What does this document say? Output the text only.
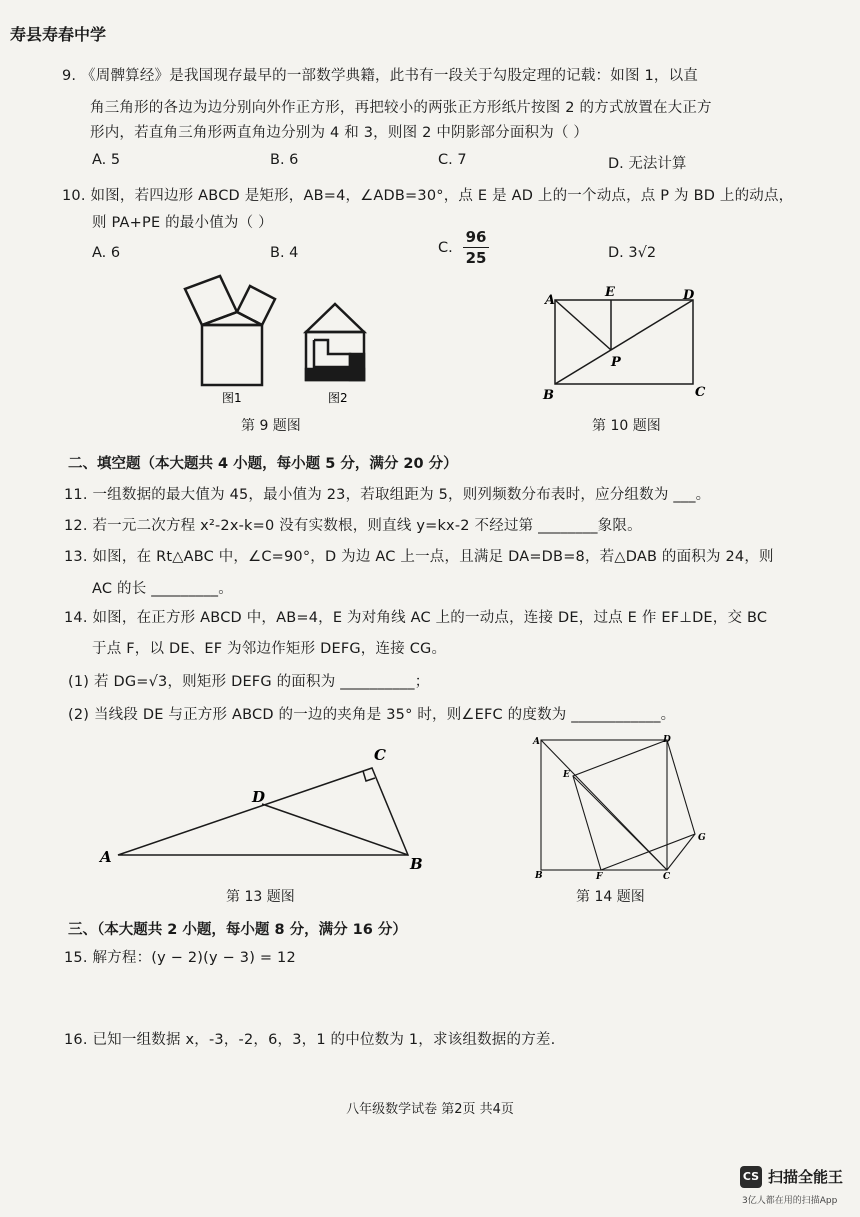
寿县寿春中学
9. 《周髀算经》是我国现存最早的一部数学典籍，此书有一段关于勾股定理的记载：如图 1，以直
角三角形的各边为边分别向外作正方形，再把较小的两张正方形纸片按图 2 的方式放置在大正方
形内，若直角三角形两直角边分别为 4 和 3，则图 2 中阴影部分面积为（ ）
A. 5	B. 6	C. 7	D. 无法计算
10. 如图，若四边形 ABCD 是矩形，AB=4，∠ADB=30°，点 E 是 AD 上的一个动点，点 P 为 BD 上的动点，
则 PA+PE 的最小值为（ ）
A. 6	B. 4	C. $\frac{96}{25}$	D. 3√2
图1	图2
第 9 题图
A
E	D
P
B	C
第 10 题图
二、填空题（本大题共 4 小题，每小题 5 分，满分 20 分）
11. 一组数据的最大值为 45，最小值为 23，若取组距为 5，则列频数分布表时，应分组数为 ___。
12. 若一元二次方程 x²-2x-k=0 没有实数根，则直线 y=kx-2 不经过第 ________象限。
13. 如图，在 Rt△ABC 中，∠C=90°，D 为边 AC 上一点，且满足 DA=DB=8，若△DAB 的面积为 24，则
AC 的长 _________。
14. 如图，在正方形 ABCD 中，AB=4，E 为对角线 AC 上的一动点，连接 DE，过点 E 作 EF⊥DE，交 BC
于点 F，以 DE、EF 为邻边作矩形 DEFG，连接 CG。
(1) 若 DG=√3，则矩形 DEFG 的面积为 __________；
(2) 当线段 DE 与正方形 ABCD 的一边的夹角是 35° 时，则∠EFC 的度数为 ____________。
A	B
C
D
第 13 题图
A	D
E
G
B	F	C
第 14 题图
三、（本大题共 2 小题，每小题 8 分，满分 16 分）
15. 解方程：(y − 2)(y − 3) = 12
16. 已知一组数据 x，-3，-2，6，3，1 的中位数为 1，求该组数据的方差.
八年级数学试卷 第2页 共4页
CS 扫描全能王
3亿人都在用的扫描App
